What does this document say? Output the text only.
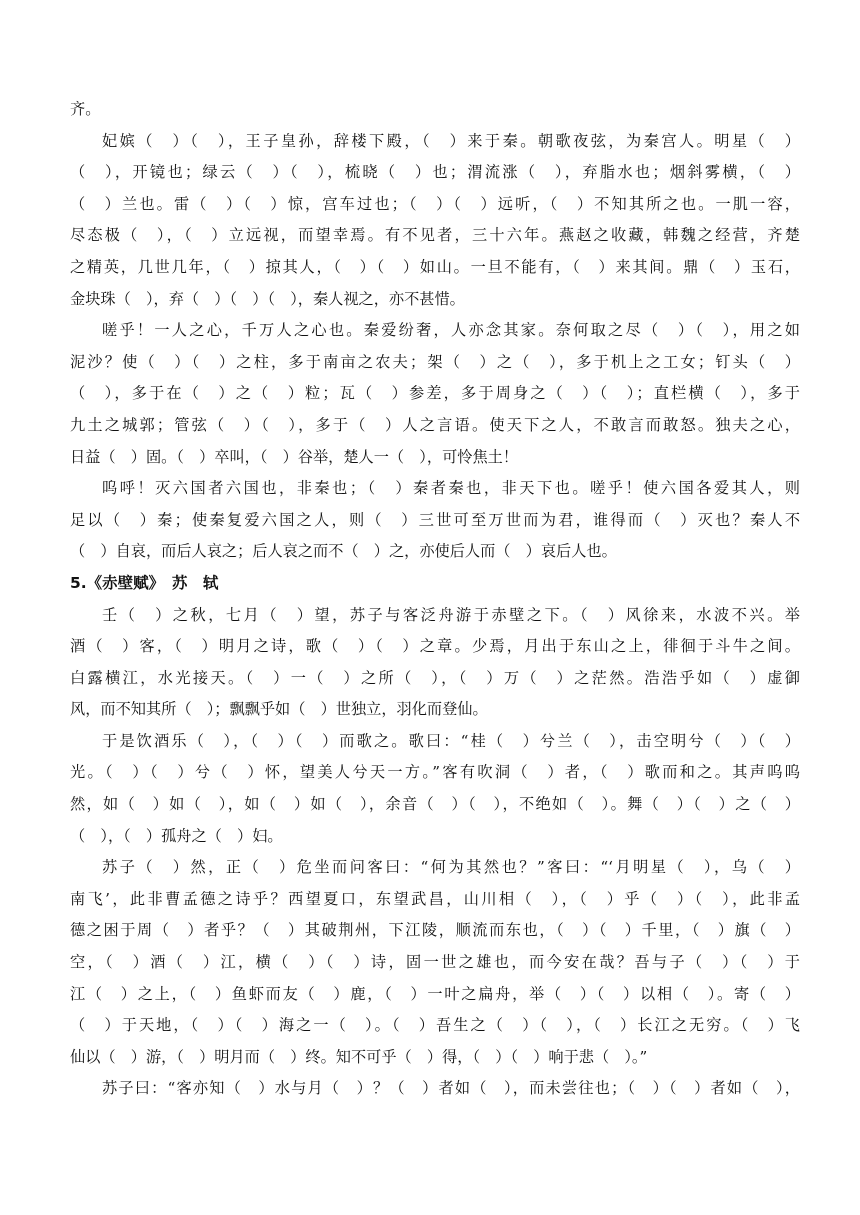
齐。
妃嫔（　）（　），王子皇孙，辞楼下殿，（　）来于秦。朝歌夜弦，为秦宫人。明星（　）
（　），开镜也；绿云（　）（　），梳晓（　）也；渭流涨（　），弃脂水也；烟斜雾横，（　）
（　）兰也。雷（　）（　）惊，宫车过也；（　）（　）远听，（　）不知其所之也。一肌一容，
尽态极（　），（　）立远视，而望幸焉。有不见者，三十六年。燕赵之收藏，韩魏之经营，齐楚
之精英，几世几年，（　）掠其人，（　）（　）如山。一旦不能有，（　）来其间。鼎（　）玉石，
金块珠（　），弃（　）（　）（　），秦人视之，亦不甚惜。
嗟乎！一人之心，千万人之心也。秦爱纷奢，人亦念其家。奈何取之尽（　）（　），用之如
泥沙？使（　）（　）之柱，多于南亩之农夫；架（　）之（　），多于机上之工女；钉头（　）
（　），多于在（　）之（　）粒；瓦（　）参差，多于周身之（　）（　）；直栏横（　），多于
九土之城郭；管弦（　）（　），多于（　）人之言语。使天下之人，不敢言而敢怒。独夫之心，
日益（　）固。（　）卒叫，（　）谷举，楚人一（　），可怜焦土！
呜呼！灭六国者六国也，非秦也；（　）秦者秦也，非天下也。嗟乎！使六国各爱其人，则
足以（　）秦；使秦复爱六国之人，则（　）三世可至万世而为君，谁得而（　）灭也？秦人不
（　）自哀，而后人哀之；后人哀之而不（　）之，亦使后人而（　）哀后人也。
5.《赤壁赋》　苏　轼
壬（　）之秋，七月（　）望，苏子与客泛舟游于赤壁之下。（　）风徐来，水波不兴。举
酒（　）客，（　）明月之诗，歌（　）（　）之章。少焉，月出于东山之上，徘徊于斗牛之间。
白露横江，水光接天。（　）一（　）之所（　），（　）万（　）之茫然。浩浩乎如（　）虚御
风，而不知其所（　）；飘飘乎如（　）世独立，羽化而登仙。
于是饮酒乐（　），（　）（　）而歌之。歌曰：“桂（　）兮兰（　），击空明兮（　）（　）
光。（　）（　）兮（　）怀，望美人兮天一方。”客有吹洞（　）者，（　）歌而和之。其声呜呜
然，如（　）如（　），如（　）如（　），余音（　）（　），不绝如（　）。舞（　）（　）之（　）
（　），（　）孤舟之（　）妇。
苏子（　）然，正（　）危坐而问客曰：“何为其然也？”客曰：“‘月明星（　），乌（　）
南飞’，此非曹孟德之诗乎？西望夏口，东望武昌，山川相（　），（　）乎（　）（　），此非孟
德之困于周（　）者乎？（　）其破荆州，下江陵，顺流而东也，（　）（　）千里，（　）旗（　）
空，（　）酒（　）江，横（　）（　）诗，固一世之雄也，而今安在哉？吾与子（　）（　）于
江（　）之上，（　）鱼虾而友（　）鹿，（　）一叶之扁舟，举（　）（　）以相（　）。寄（　）
（　）于天地，（　）（　）海之一（　）。（　）吾生之（　）（　），（　）长江之无穷。（　）飞
仙以（　）游，（　）明月而（　）终。知不可乎（　）得，（　）（　）响于悲（　）。”
苏子曰：“客亦知（　）水与月（　）？（　）者如（　），而未尝往也；（　）（　）者如（　），
